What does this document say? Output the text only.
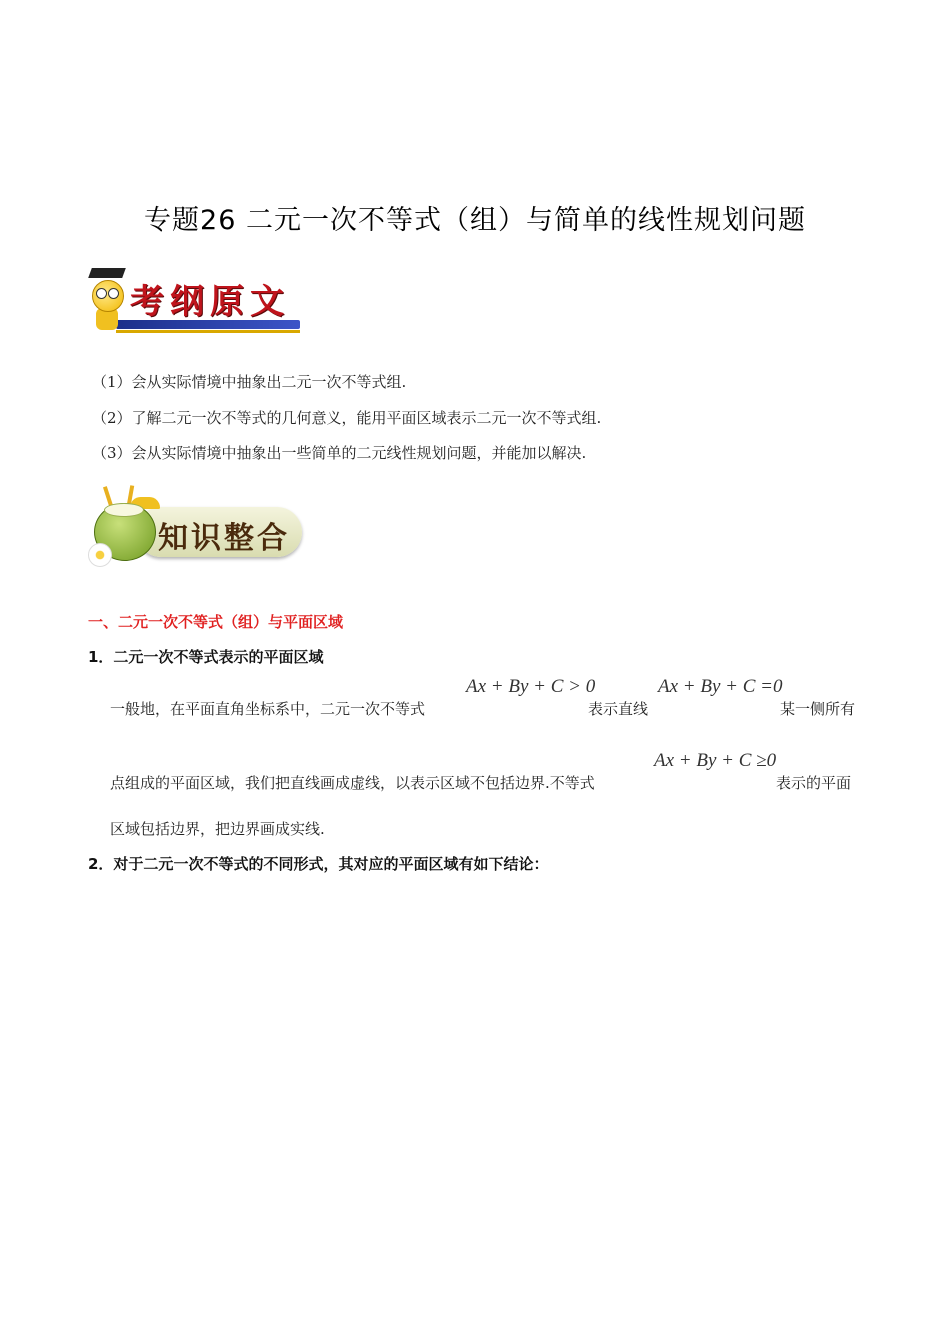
专题26 二元一次不等式（组）与简单的线性规划问题
考纲原文
（1）会从实际情境中抽象出二元一次不等式组.
（2）了解二元一次不等式的几何意义，能用平面区域表示二元一次不等式组.
（3）会从实际情境中抽象出一些简单的二元线性规划问题，并能加以解决.
知识整合
一、二元一次不等式（组）与平面区域
1．二元一次不等式表示的平面区域
一般地，在平面直角坐标系中，二元一次不等式
Ax + By + C > 0
表示直线
Ax + By + C =0
某一侧所有
点组成的平面区域，我们把直线画成虚线，以表示区域不包括边界.不等式
Ax + By + C ≥0
表示的平面
区域包括边界，把边界画成实线.
2．对于二元一次不等式的不同形式，其对应的平面区域有如下结论：
